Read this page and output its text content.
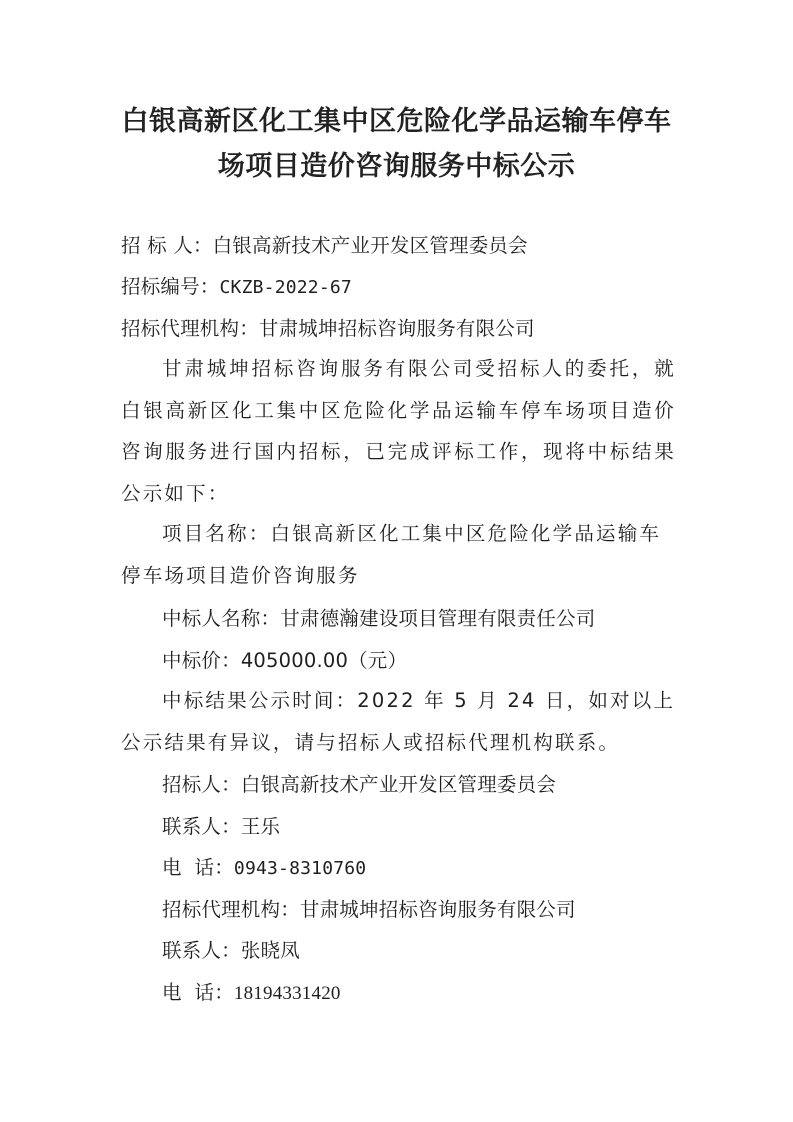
白银高新区化工集中区危险化学品运输车停车
场项目造价咨询服务中标公示
招 标 人：白银高新技术产业开发区管理委员会
招标编号：CKZB-2022-67
招标代理机构：甘肃城坤招标咨询服务有限公司
甘肃城坤招标咨询服务有限公司受招标人的委托，就白银高新区化工集中区危险化学品运输车停车场项目造价咨询服务进行国内招标，已完成评标工作，现将中标结果公示如下：
项目名称：白银高新区化工集中区危险化学品运输车停车场项目造价咨询服务
中标人名称：甘肃德瀚建设项目管理有限责任公司
中标价：405000.00（元）
中标结果公示时间：2022 年 5 月 24 日，如对以上公示结果有异议，请与招标人或招标代理机构联系。
招标人：白银高新技术产业开发区管理委员会
联系人：王乐
电  话：0943-8310760
招标代理机构：甘肃城坤招标咨询服务有限公司
联系人：张晓凤
电  话：18194331420
